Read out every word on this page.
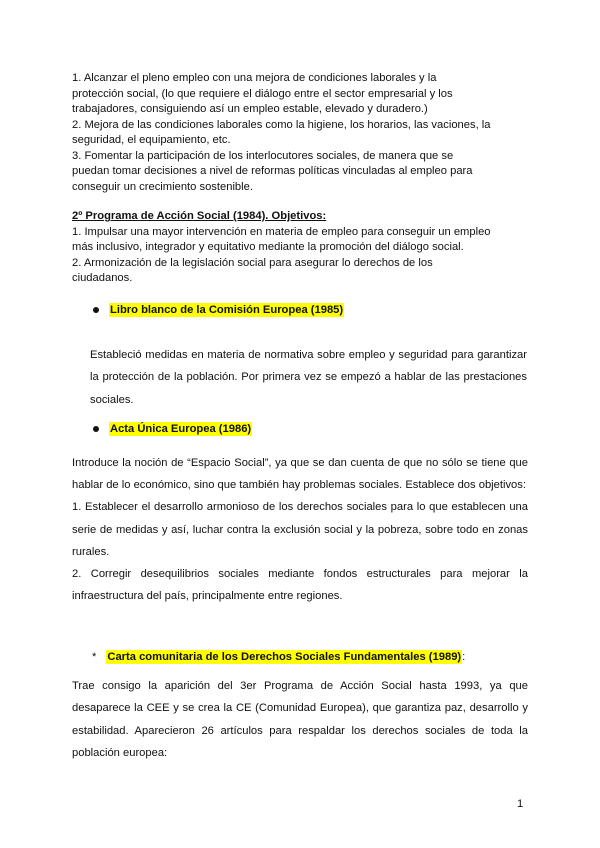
1. Alcanzar el pleno empleo con una mejora de condiciones laborales y la

protección social, (lo que requiere el diálogo entre el sector empresarial y los

trabajadores, consiguiendo así un empleo estable, elevado y duradero.)

2. Mejora de las condiciones laborales como la higiene, los horarios, las vaciones, la

seguridad, el equipamiento, etc.

3. Fomentar la participación de los interlocutores sociales, de manera que se

puedan tomar decisiones a nivel de reformas políticas vinculadas al empleo para

conseguir un crecimiento sostenible.

2º Programa de Acción Social (1984). Objetivos:

1. Impulsar una mayor intervención en materia de empleo para conseguir un empleo

más inclusivo, integrador y equitativo mediante la promoción del diálogo social.

2. Armonización de la legislación social para asegurar lo derechos de los

ciudadanos.

Libro blanco de la Comisión Europea (1985)

Estableció medidas en materia de normativa sobre empleo y seguridad para garantizar la protección de la población. Por primera vez se empezó a hablar de las prestaciones sociales.

Acta Única Europea (1986)

Introduce la noción de “Espacio Social”, ya que se dan cuenta de que no sólo se tiene que hablar de lo económico, sino que también hay problemas sociales. Establece dos objetivos:

1. Establecer el desarrollo armonioso de los derechos sociales para lo que establecen una serie de medidas y así, luchar contra la exclusión social y la pobreza, sobre todo en zonas rurales.

2. Corregir desequilibrios sociales mediante fondos estructurales para mejorar la infraestructura del país, principalmente entre regiones.

* Carta comunitaria de los Derechos Sociales Fundamentales (1989):

Trae consigo la aparición del 3er Programa de Acción Social hasta 1993, ya que desaparece la CEE y se crea la CE (Comunidad Europea), que garantiza paz, desarrollo y estabilidad. Aparecieron 26 artículos para respaldar los derechos sociales de toda la población europea:

1
